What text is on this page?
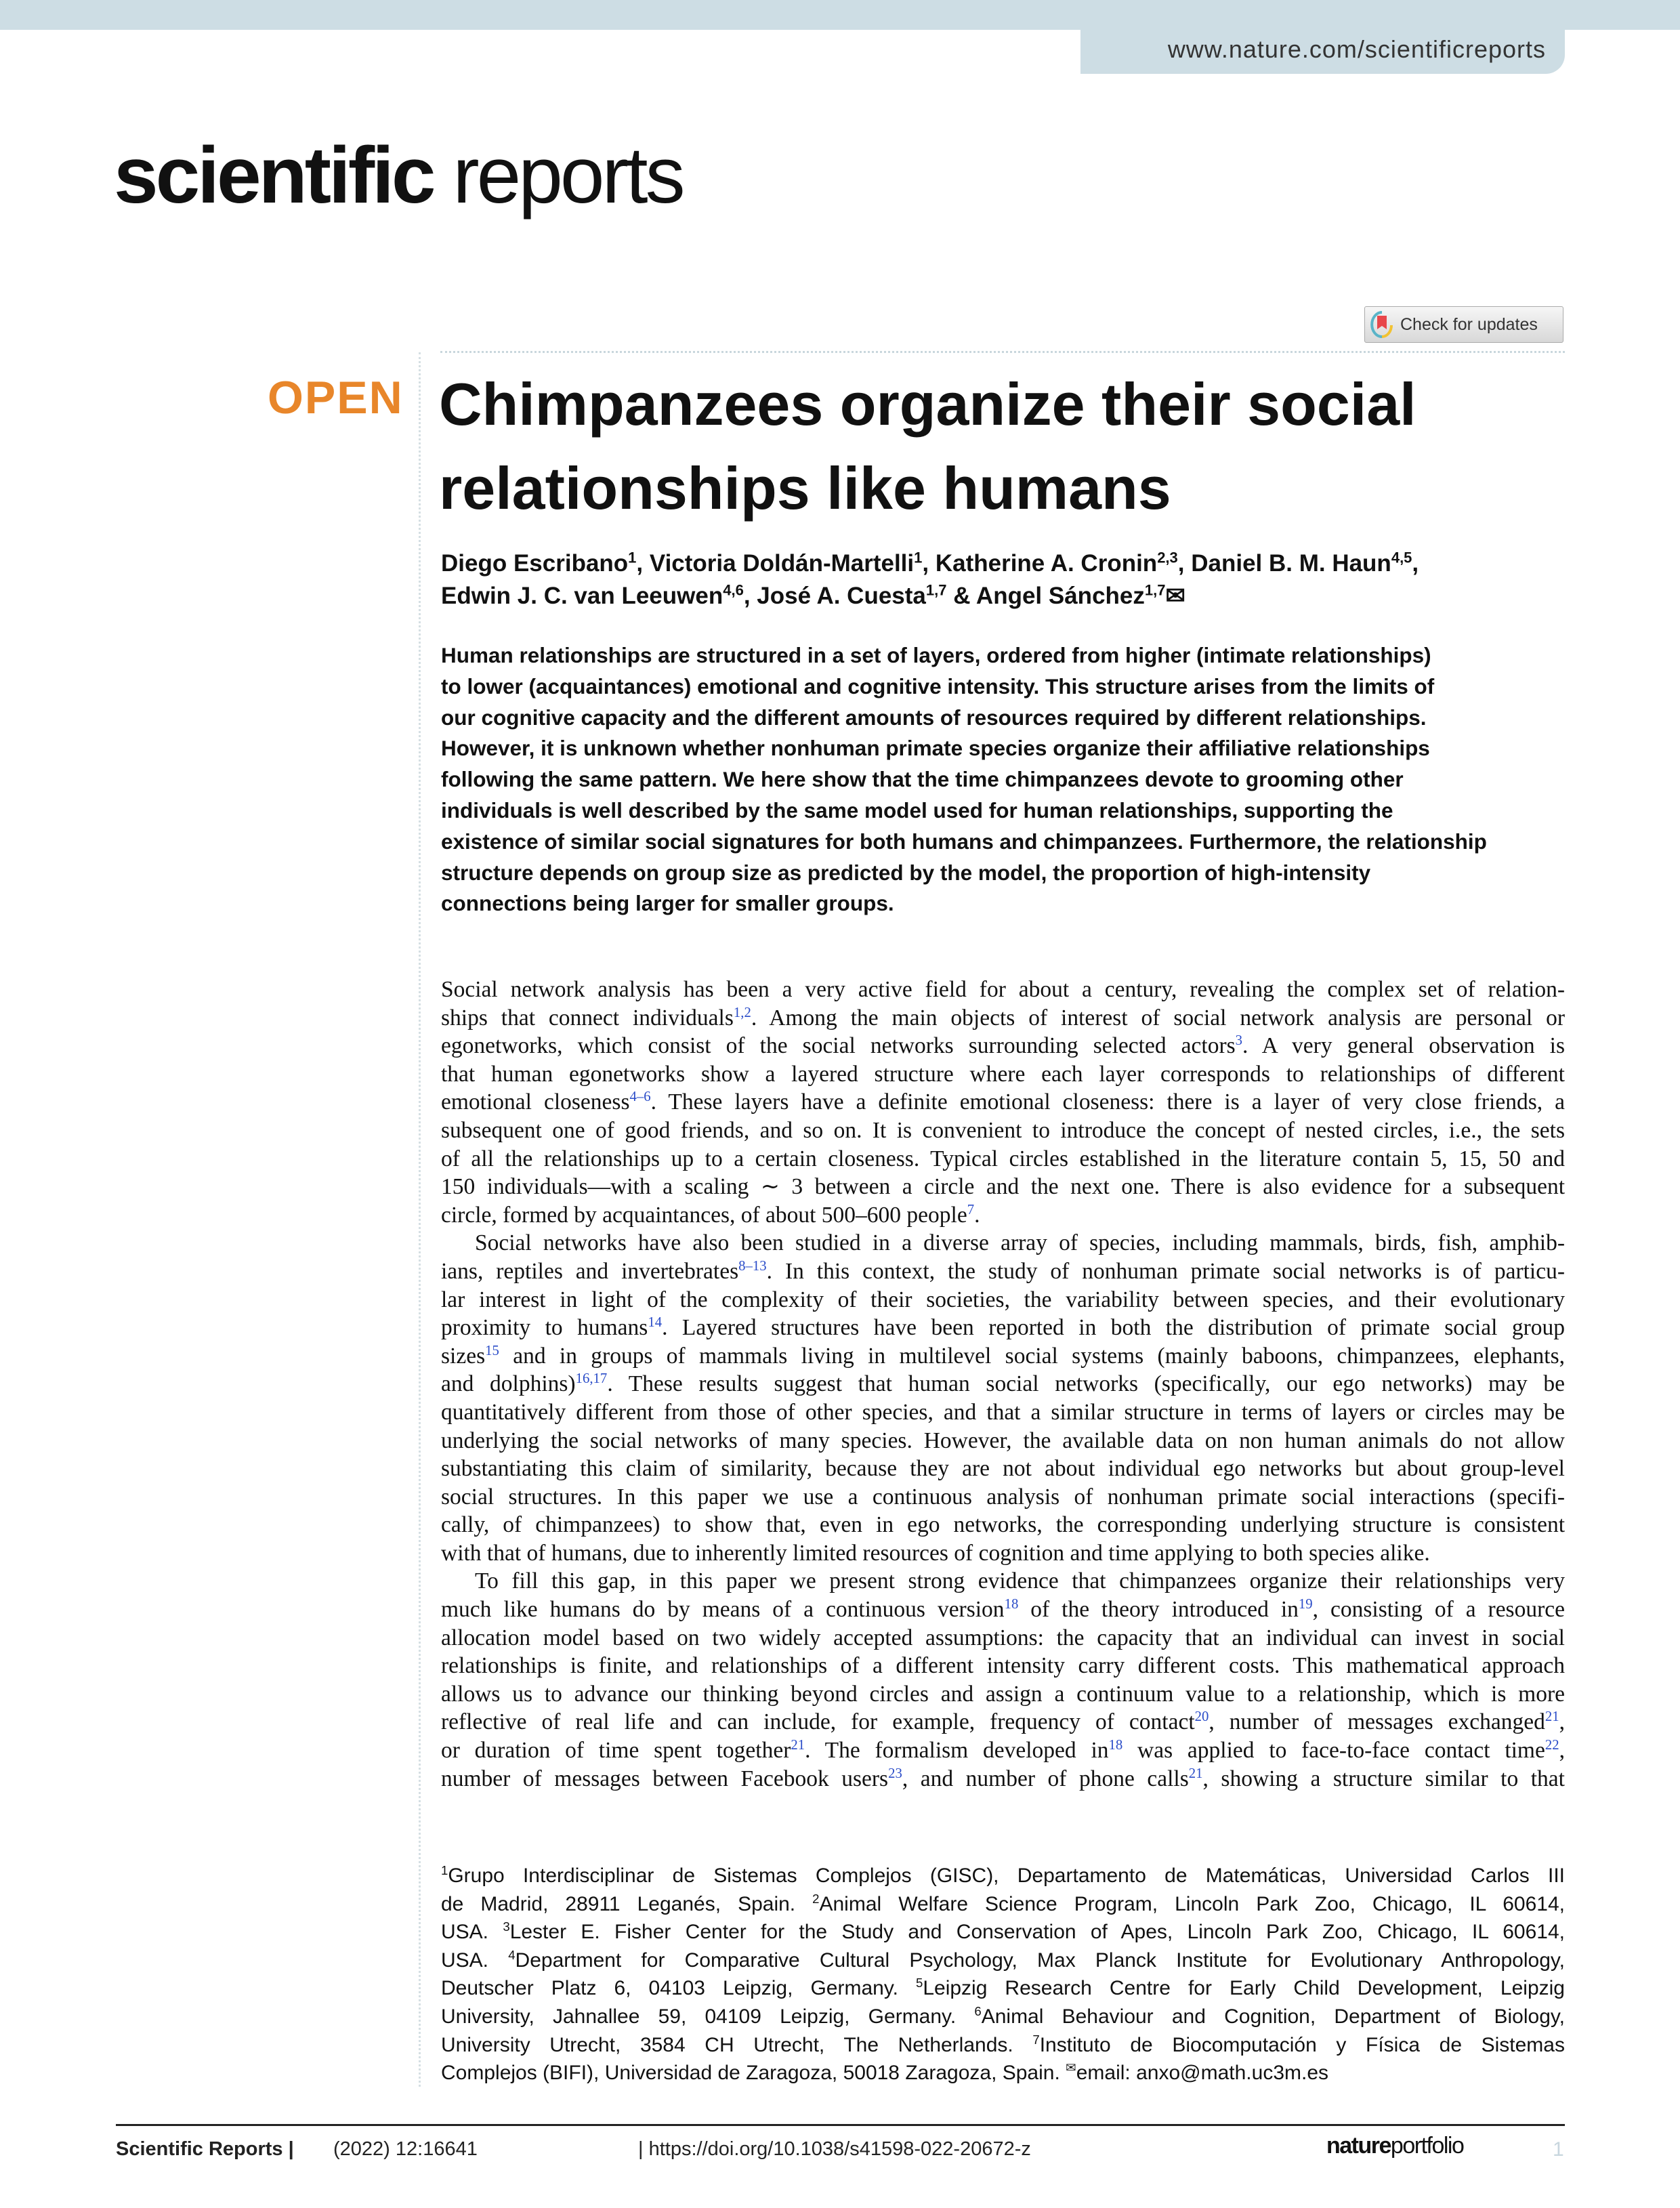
www.nature.com/scientificreports
scientific reports
Check for updates
OPEN Chimpanzees organize their social
relationships like humans
Diego Escribano$^1$, Victoria Doldán-Martelli$^1$, Katherine A. Cronin$^{2,3}$, Daniel B. M. Haun$^{4,5}$,
Edwin J. C. van Leeuwen$^{4,6}$, José A. Cuesta$^{1,7}$ & Angel Sánchez$^{1,7}$✉
Human relationships are structured in a set of layers, ordered from higher (intimate relationships)
to lower (acquaintances) emotional and cognitive intensity. This structure arises from the limits of
our cognitive capacity and the different amounts of resources required by different relationships.
However, it is unknown whether nonhuman primate species organize their affiliative relationships
following the same pattern. We here show that the time chimpanzees devote to grooming other
individuals is well described by the same model used for human relationships, supporting the
existence of similar social signatures for both humans and chimpanzees. Furthermore, the relationship
structure depends on group size as predicted by the model, the proportion of high-intensity
connections being larger for smaller groups.
Social network analysis has been a very active field for about a century, revealing the complex set of relation-
ships that connect individuals$^{1,2}$. Among the main objects of interest of social network analysis are personal or
egonetworks, which consist of the social networks surrounding selected actors$^3$. A very general observation is
that human egonetworks show a layered structure where each layer corresponds to relationships of different
emotional closeness$^{4-6}$. These layers have a definite emotional closeness: there is a layer of very close friends, a
subsequent one of good friends, and so on. It is convenient to introduce the concept of nested circles, i.e., the sets
of all the relationships up to a certain closeness. Typical circles established in the literature contain 5, 15, 50 and
150 individuals—with a scaling ∼ 3 between a circle and the next one. There is also evidence for a subsequent
circle, formed by acquaintances, of about 500–600 people$^7$.
Social networks have also been studied in a diverse array of species, including mammals, birds, fish, amphib-
ians, reptiles and invertebrates$^{8-13}$. In this context, the study of nonhuman primate social networks is of particu-
lar interest in light of the complexity of their societies, the variability between species, and their evolutionary
proximity to humans$^{14}$. Layered structures have been reported in both the distribution of primate social group
sizes$^{15}$ and in groups of mammals living in multilevel social systems (mainly baboons, chimpanzees, elephants,
and dolphins)$^{16,17}$. These results suggest that human social networks (specifically, our ego networks) may be
quantitatively different from those of other species, and that a similar structure in terms of layers or circles may be
underlying the social networks of many species. However, the available data on non human animals do not allow
substantiating this claim of similarity, because they are not about individual ego networks but about group-level
social structures. In this paper we use a continuous analysis of nonhuman primate social interactions (specifi-
cally, of chimpanzees) to show that, even in ego networks, the corresponding underlying structure is consistent
with that of humans, due to inherently limited resources of cognition and time applying to both species alike.
To fill this gap, in this paper we present strong evidence that chimpanzees organize their relationships very
much like humans do by means of a continuous version$^{18}$ of the theory introduced $in^{19}$, consisting of a resource
allocation model based on two widely accepted assumptions: the capacity that an individual can invest in social
relationships is finite, and relationships of a different intensity carry different costs. This mathematical approach
allows us to advance our thinking beyond circles and assign a continuum value to a relationship, which is more
reflective of real life and can include, for example, frequency of contact$^{20}$, number of messages exchanged$^{21}$,
or duration of time spent together$^{21}$. The formalism developed $in^{18}$ was applied to face-to-face contact time$^{22}$,
number of messages between Facebook users$^{23}$, and number of phone calls$^{21}$, showing a structure similar to that
$^1$Grupo Interdisciplinar de Sistemas Complejos (GISC), Departamento de Matemáticas, Universidad Carlos III
de Madrid, 28911 Leganés, Spain. $^2$Animal Welfare Science Program, Lincoln Park Zoo, Chicago, IL 60614,
USA. $^3$Lester E. Fisher Center for the Study and Conservation of Apes, Lincoln Park Zoo, Chicago, IL 60614,
USA. $^4$Department for Comparative Cultural Psychology, Max Planck Institute for Evolutionary Anthropology,
Deutscher Platz 6, 04103 Leipzig, Germany. $^5$Leipzig Research Centre for Early Child Development, Leipzig
University, Jahnallee 59, 04109 Leipzig, Germany. $^6$Animal Behaviour and Cognition, Department of Biology,
University Utrecht, 3584 CH Utrecht, The Netherlands. $^7$Instituto de Biocomputación y Física de Sistemas
Complejos (BIFI), Universidad de Zaragoza, 50018 Zaragoza, Spain. ✉email: anxo@math.uc3m.es
Scientific Reports | (2022) 12:16641	| https://doi.org/10.1038/s41598-022-20672-z	natureportfolio	1
